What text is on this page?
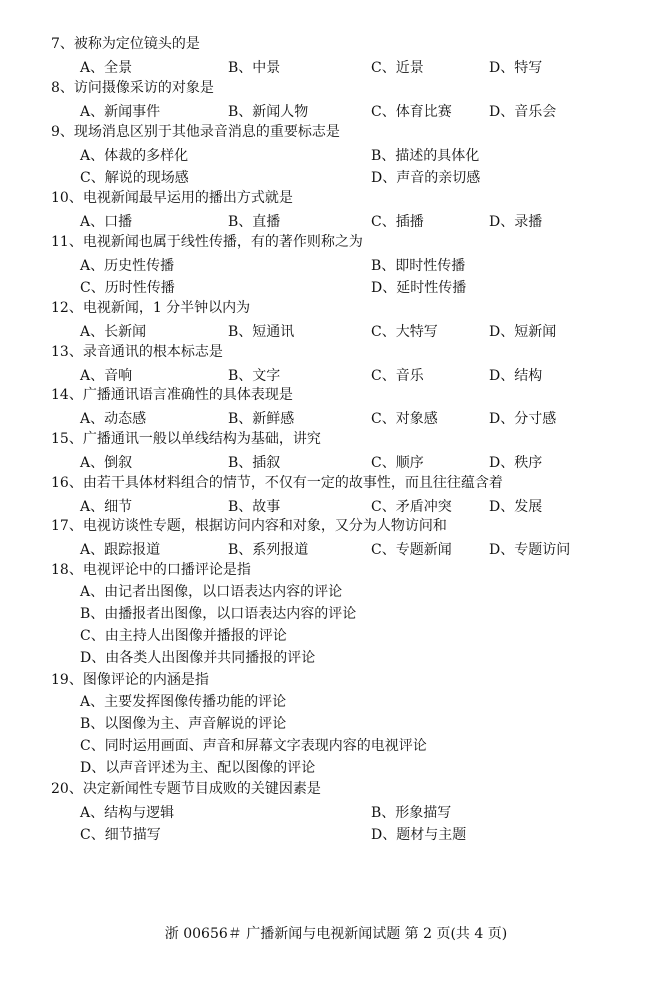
7、被称为定位镜头的是
A、全景	B、中景	C、近景	D、特写
8、访问摄像采访的对象是
A、新闻事件	B、新闻人物	C、体育比赛	D、音乐会
9、现场消息区别于其他录音消息的重要标志是
A、体裁的多样化	B、描述的具体化
C、解说的现场感	D、声音的亲切感
10、电视新闻最早运用的播出方式就是
A、口播	B、直播	C、插播	D、录播
11、电视新闻也属于线性传播，有的著作则称之为
A、历史性传播	B、即时性传播
C、历时性传播	D、延时性传播
12、电视新闻，1 分半钟以内为
A、长新闻	B、短通讯	C、大特写	D、短新闻
13、录音通讯的根本标志是
A、音响	B、文字	C、音乐	D、结构
14、广播通讯语言准确性的具体表现是
A、动态感	B、新鲜感	C、对象感	D、分寸感
15、广播通讯一般以单线结构为基础，讲究
A、倒叙	B、插叙	C、顺序	D、秩序
16、由若干具体材料组合的情节，不仅有一定的故事性，而且往往蕴含着
A、细节	B、故事	C、矛盾冲突	D、发展
17、电视访谈性专题，根据访问内容和对象，又分为人物访问和
A、跟踪报道	B、系列报道	C、专题新闻	D、专题访问
18、电视评论中的口播评论是指
A、由记者出图像，以口语表达内容的评论
B、由播报者出图像，以口语表达内容的评论
C、由主持人出图像并播报的评论
D、由各类人出图像并共同播报的评论
19、图像评论的内涵是指
A、主要发挥图像传播功能的评论
B、以图像为主、声音解说的评论
C、同时运用画面、声音和屏幕文字表现内容的电视评论
D、以声音评述为主、配以图像的评论
20、决定新闻性专题节目成败的关键因素是
A、结构与逻辑	B、形象描写
C、细节描写	D、题材与主题
浙 00656＃ 广播新闻与电视新闻试题 第 2 页(共 4 页)
